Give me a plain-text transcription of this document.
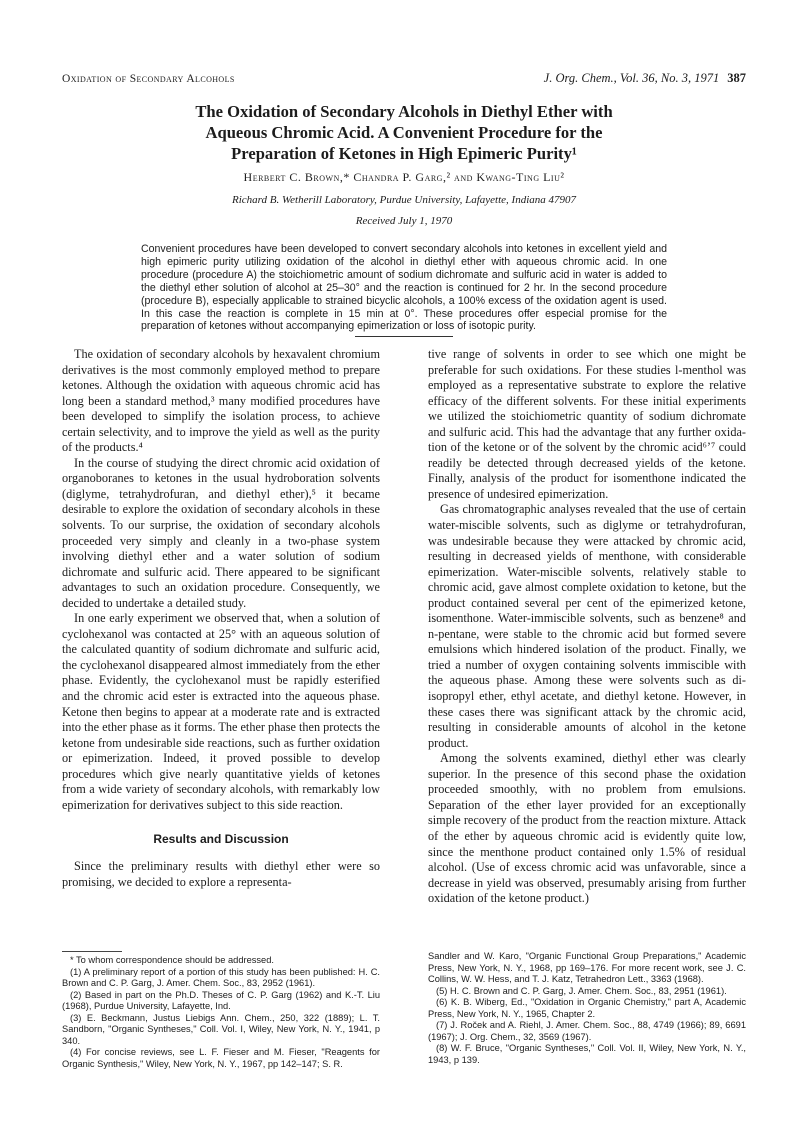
Oxidation of Secondary Alcohols	J. Org. Chem., Vol. 36, No. 3, 1971 387
The Oxidation of Secondary Alcohols in Diethyl Ether with
Aqueous Chromic Acid. A Convenient Procedure for the
Preparation of Ketones in High Epimeric Purity¹
Herbert C. Brown,* Chandra P. Garg,² and Kwang-Ting Liu²
Richard B. Wetherill Laboratory, Purdue University, Lafayette, Indiana 47907
Received July 1, 1970
Convenient procedures have been developed to convert secondary alcohols into ketones in excellent yield and high epimeric purity utilizing oxidation of the alcohol in diethyl ether with aqueous chromic acid. In one procedure (procedure A) the stoichiometric amount of sodium dichromate and sulfuric acid in water is added to the diethyl ether solution of alcohol at 25–30° and the reaction is continued for 2 hr. In the second procedure (procedure B), especially applicable to strained bicyclic alcohols, a 100% excess of the oxidation agent is used. In this case the reaction is complete in 15 min at 0°. These procedures offer especial promise for the preparation of ketones without accompanying epimerization or loss of isotopic purity.

The oxidation of secondary alcohols by hexavalent chromium derivatives is the most commonly employed method to prepare ketones. Although the oxidation with aqueous chromic acid has long been a standard method,³ many modified procedures have been developed to simplify the isolation process, to achieve certain selectivity, and to improve the yield as well as the purity of the products.⁴

In the course of studying the direct chromic acid oxidation of organoboranes to ketones in the usual hydroboration solvents (diglyme, tetrahydrofuran, and diethyl ether),⁵ it became desirable to explore the oxidation of secondary alcohols in these solvents. To our surprise, the oxidation of secondary alcohols proceeded very simply and cleanly in a two-phase system involving diethyl ether and a water solution of sodium dichromate and sulfuric acid. There appeared to be significant advantages to such an oxidation procedure. Consequently, we decided to undertake a detailed study.

In one early experiment we observed that, when a solution of cyclohexanol was contacted at 25° with an aqueous solution of the calculated quantity of sodium dichromate and sulfuric acid, the cyclohexanol disappeared almost immediately from the ether phase. Evidently, the cyclohexanol must be rapidly esterified and the chromic acid ester is extracted into the aqueous phase. Ketone then begins to appear at a moderate rate and is extracted into the ether phase as it forms. The ether phase then protects the ketone from undesirable side reactions, such as further oxidation or epimerization. Indeed, it proved possible to develop procedures which give nearly quantitative yields of ketones from a wide variety of secondary alcohols, with remarkably low epimerization for derivatives subject to this side reaction.

Results and Discussion

Since the preliminary results with diethyl ether were so promising, we decided to explore a representa-

tive range of solvents in order to see which one might be preferable for such oxidations. For these studies l-menthol was employed as a representative substrate to explore the relative efficacy of the different solvents. For these initial experiments we utilized the stoichiometric quantity of sodium dichromate and sulfuric acid. This had the advantage that any further oxidation of the ketone or of the solvent by the chromic acid⁶ʼ⁷ could readily be detected through decreased yields of the ketone. Finally, analysis of the product for isomenthone indicated the presence of undesired epimerization.

Gas chromatographic analyses revealed that the use of certain water-miscible solvents, such as diglyme or tetrahydrofuran, was undesirable because they were attacked by chromic acid, resulting in decreased yields of menthone, with considerable epimerization. Water-miscible solvents, relatively stable to chromic acid, gave almost complete oxidation to ketone, but the product contained several per cent of the epimerized ketone, isomenthone. Water-immiscible solvents, such as benzene⁸ and n-pentane, were stable to the chromic acid but formed severe emulsions which hindered isolation of the product. Finally, we tried a number of oxygen containing solvents immiscible with the aqueous phase. Among these were solvents such as diisopropyl ether, ethyl acetate, and diethyl ketone. However, in these cases there was significant attack by the chromic acid, resulting in considerable amounts of alcohol in the ketone product.

Among the solvents examined, diethyl ether was clearly superior. In the presence of this second phase the oxidation proceeded smoothly, with no problem from emulsions. Separation of the ether layer provided for an exceptionally simple recovery of the product from the reaction mixture. Attack of the ether by aqueous chromic acid is evidently quite low, since the menthone product contained only 1.5% of residual alcohol. (Use of excess chromic acid was unfavorable, since a decrease in yield was observed, presumably arising from further oxidation of the ketone product.)

* To whom correspondence should be addressed.

(1) A preliminary report of a portion of this study has been published: H. C. Brown and C. P. Garg, J. Amer. Chem. Soc., 83, 2952 (1961).

(2) Based in part on the Ph.D. Theses of C. P. Garg (1962) and K.-T. Liu (1968), Purdue University, Lafayette, Ind.

(3) E. Beckmann, Justus Liebigs Ann. Chem., 250, 322 (1889); L. T. Sandborn, "Organic Syntheses," Coll. Vol. I, Wiley, New York, N. Y., 1941, p 340.

(4) For concise reviews, see L. F. Fieser and M. Fieser, "Reagents for Organic Synthesis," Wiley, New York, N. Y., 1967, pp 142–147; S. R.

Sandler and W. Karo, "Organic Functional Group Preparations," Academic Press, New York, N. Y., 1968, pp 169–176. For more recent work, see J. C. Collins, W. W. Hess, and T. J. Katz, Tetrahedron Lett., 3363 (1968).

(5) H. C. Brown and C. P. Garg, J. Amer. Chem. Soc., 83, 2951 (1961).

(6) K. B. Wiberg, Ed., "Oxidation in Organic Chemistry," part A, Academic Press, New York, N. Y., 1965, Chapter 2.

(7) J. Roček and A. Riehl, J. Amer. Chem. Soc., 88, 4749 (1966); 89, 6691 (1967); J. Org. Chem., 32, 3569 (1967).

(8) W. F. Bruce, "Organic Syntheses," Coll. Vol. II, Wiley, New York, N. Y., 1943, p 139.
